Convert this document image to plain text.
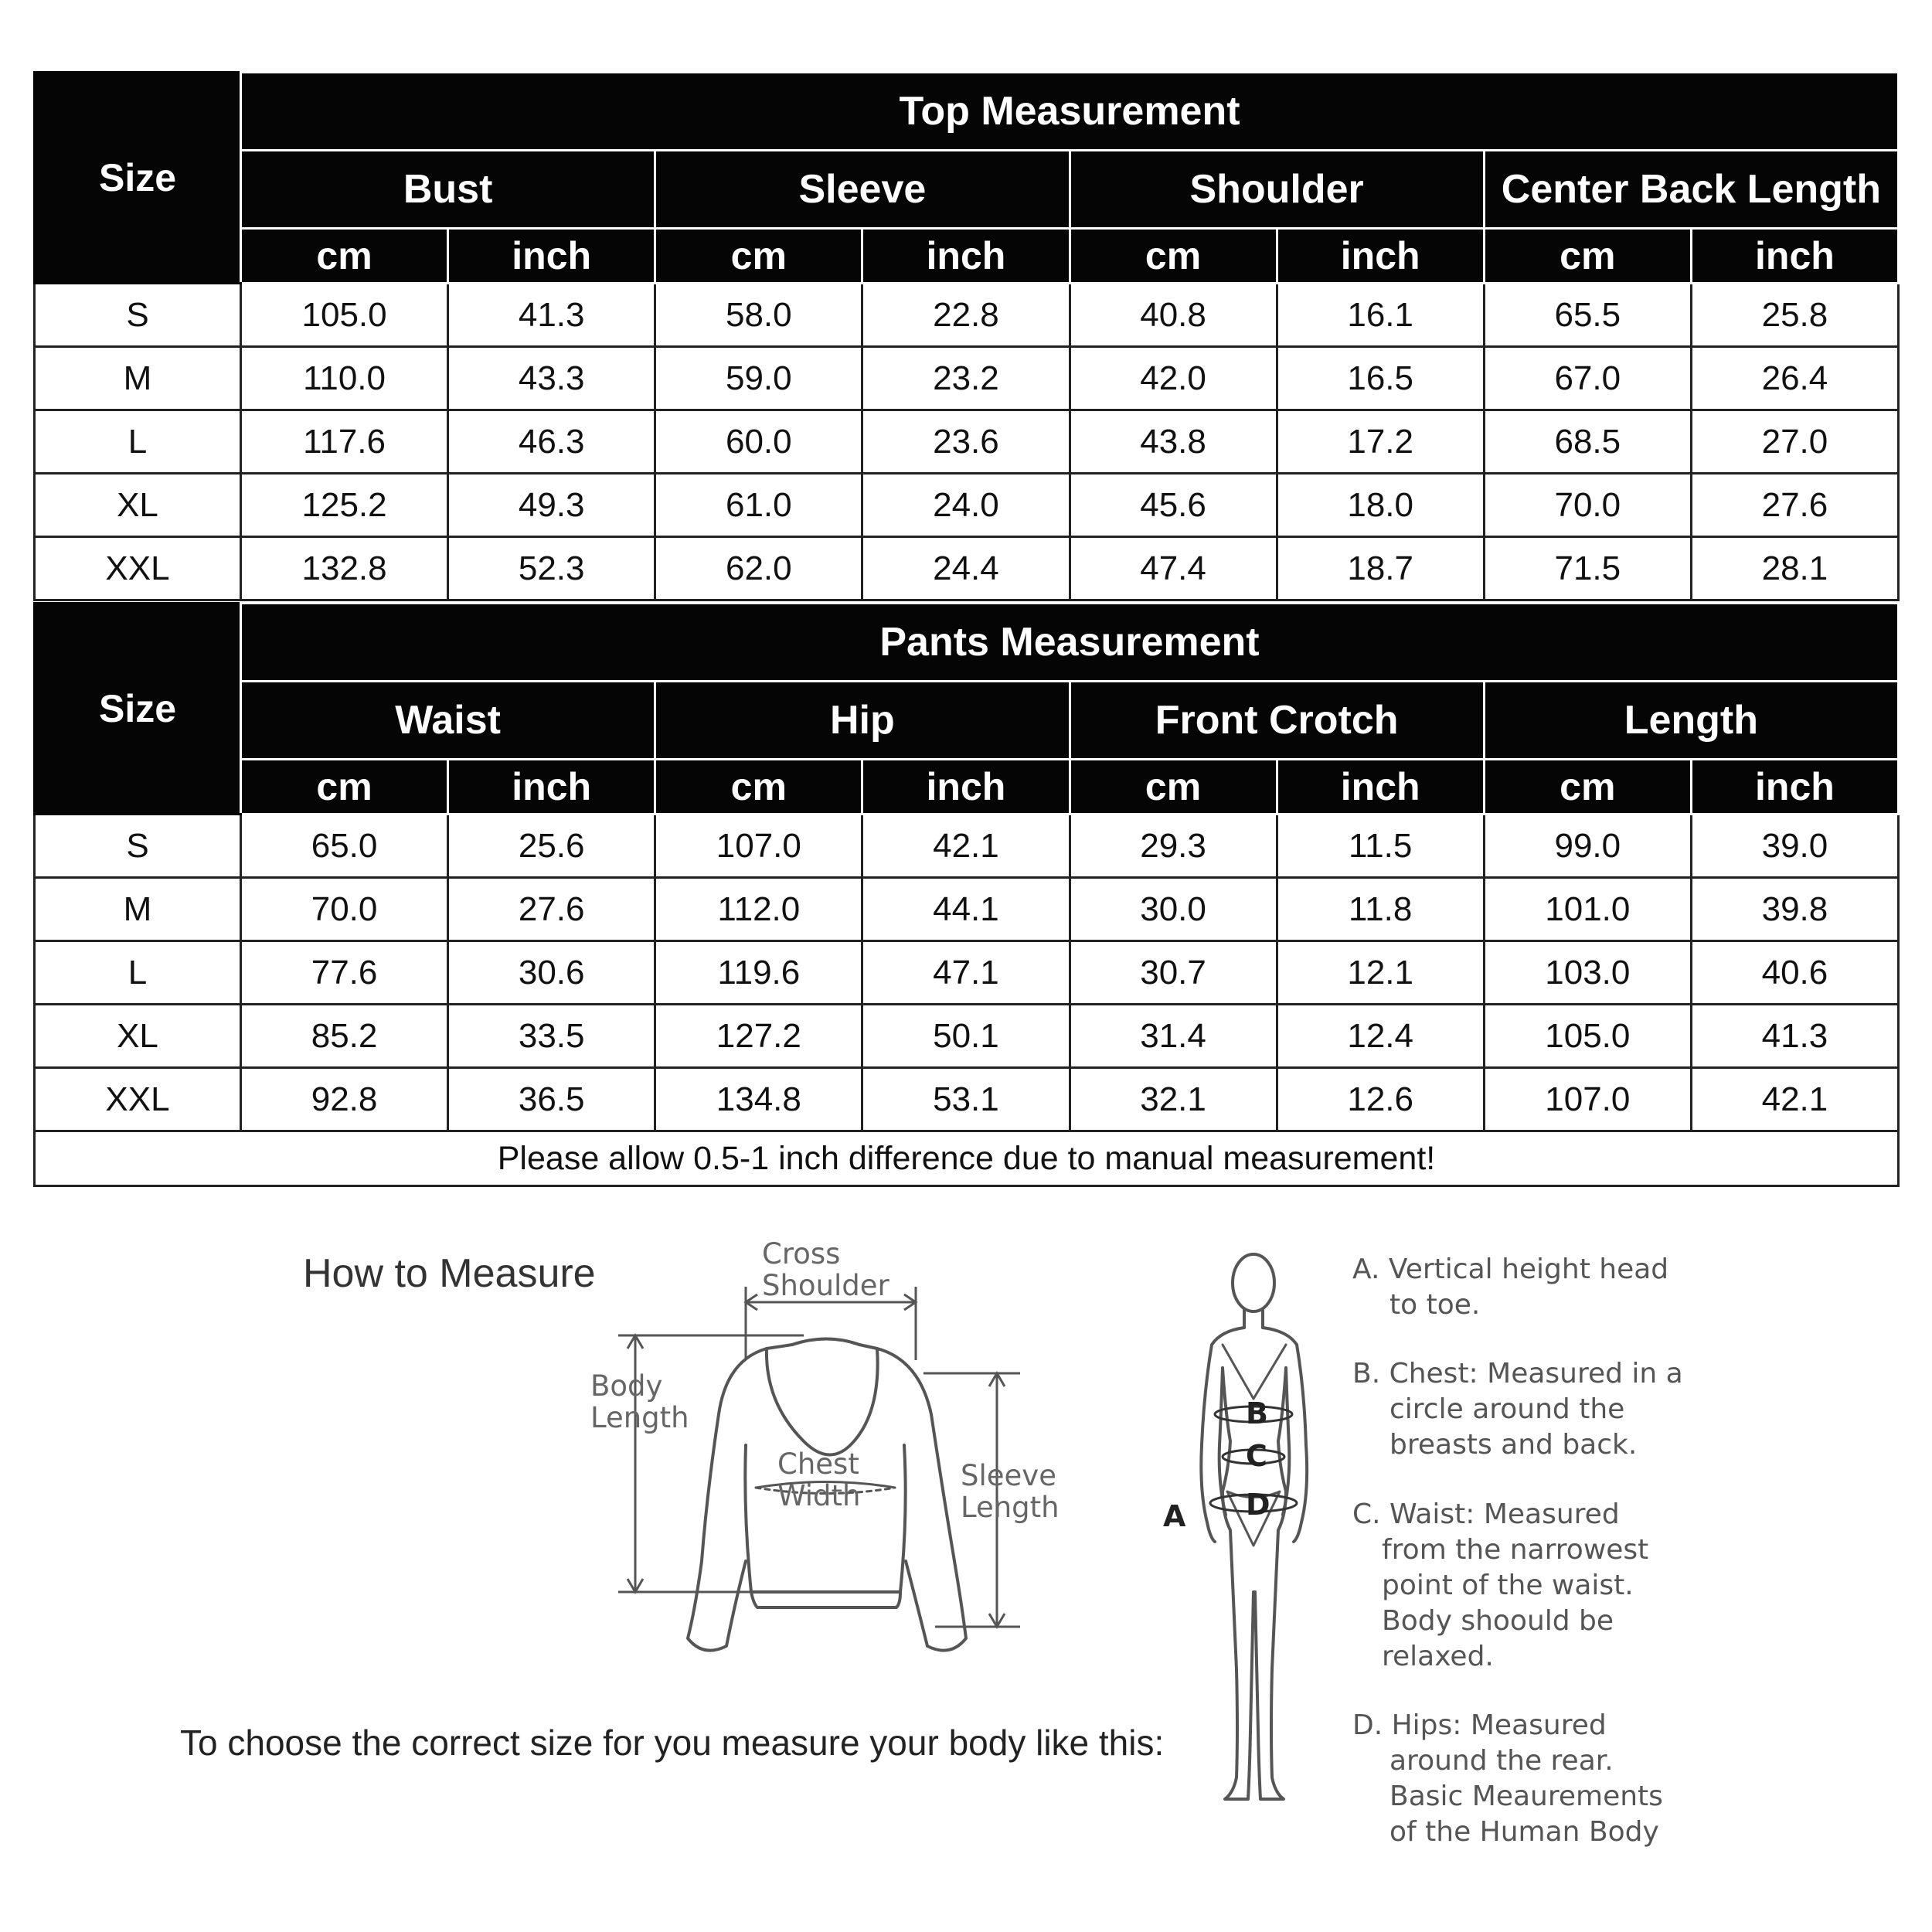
Size	Top Measurement							
	Bust		Sleeve		Shoulder		Center Back Length	
	cm	inch	cm	inch	cm	inch	cm	inch
S	105.0	41.3	58.0	22.8	40.8	16.1	65.5	25.8
M	110.0	43.3	59.0	23.2	42.0	16.5	67.0	26.4
L	117.6	46.3	60.0	23.6	43.8	17.2	68.5	27.0
XL	125.2	49.3	61.0	24.0	45.6	18.0	70.0	27.6
XXL	132.8	52.3	62.0	24.4	47.4	18.7	71.5	28.1
Size	Pants Measurement							
	Waist		Hip		Front Crotch		Length	
	cm	inch	cm	inch	cm	inch	cm	inch
S	65.0	25.6	107.0	42.1	29.3	11.5	99.0	39.0
M	70.0	27.6	112.0	44.1	30.0	11.8	101.0	39.8
L	77.6	30.6	119.6	47.1	30.7	12.1	103.0	40.6
XL	85.2	33.5	127.2	50.1	31.4	12.4	105.0	41.3
XXL	92.8	36.5	134.8	53.1	32.1	12.6	107.0	42.1
Please allow 0.5-1 inch difference due to manual measurement!								
How to Measure	Cross
Shoulder
Body
Length
Chest
Width
Sleeve
Length
To choose the correct size for you measure your body like this:
B
C
D
A
A. Vertical height head
to toe.
B. Chest: Measured in a
circle around the
breasts and back.
C. Waist: Measured
from the narrowest
point of the waist.
Body shoould be
relaxed.
D. Hips: Measured
around the rear.
Basic Meaurements
of the Human Body
